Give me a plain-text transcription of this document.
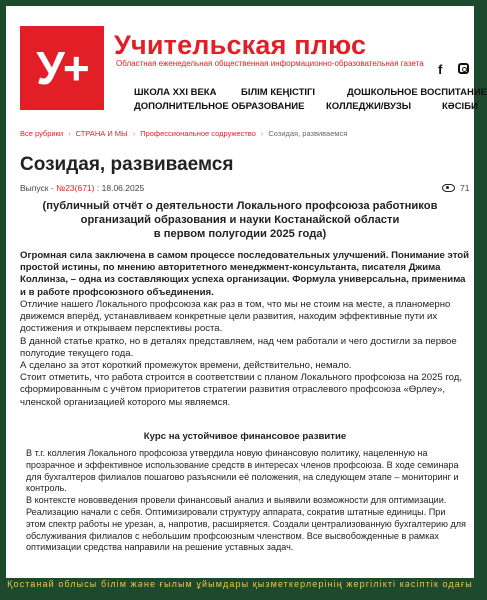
У+ Учительская плюс
Областная еженедельная общественная информационно-образовательная газета f
ШКОЛА XXI ВЕКА	БІЛІМ КЕҢІСТІГІ	ДОШКОЛЬНОЕ ВОСПИТАНИЕ
ДОПОЛНИТЕЛЬНОЕ ОБРАЗОВАНИЕ КОЛЛЕДЖИ/ВУЗЫ	КӘСІБИ
Все рубрики › СТРАНА И МЫ › Профессиональное содружество › Созидая, развиваемся
Созидая, развиваемся
Выпуск - №23(671) : 18.06.2025	71
(публичный отчёт о деятельности Локального профсоюза работников
организаций образования и науки Костанайской области
в первом полугодии 2025 года)
Огромная сила заключена в самом процессе последовательных улучшений. Понимание этой простой истины, по мнению авторитетного менеджмент-консультанта, писателя Джима Коллинза, – одна из составляющих успеха организации. Формула универсальна, применима и в работе профсоюзного объединения.

Отличие нашего Локального профсоюза как раз в том, что мы не стоим на месте, а планомерно движемся вперёд, устанавливаем конкретные цели развития, находим эффективные пути их достижения и открываем перспективы роста.

В данной статье кратко, но в деталях представляем, над чем работали и чего достигли за первое полугодие текущего года.

А сделано за этот короткий промежуток времени, действительно, немало.

Стоит отметить, что работа строится в соответствии с планом Локального профсоюза на 2025 год, сформированным с учётом приоритетов стратегии развития отраслевого профсоюза «Өрлеу», членской организацией которого мы являемся.

Курс на устойчивое финансовое развитие

В т.г. коллегия Локального профсоюза утвердила новую финансовую политику, нацеленную на прозрачное и эффективное использование средств в интересах членов профсоюза. В ходе семинара для бухгалтеров филиалов пошагово разъяснили её положения, на следующем этапе – мониторинг и контроль.

В контексте нововведения провели финансовый анализ и выявили возможности для оптимизации.

Реализацию начали с себя. Оптимизировали структуру аппарата, сократив штатные единицы. При этом спектр работы не урезан, а, напротив, расширяется. Создали централизованную бухгалтерию для обслуживания филиалов с небольшим профсоюзным членством. Все высвобожденные в рамках оптимизации средства направили на решение уставных задач.

Қостанай облысы білім және ғылым ұйымдары қызметкерлерінің жергілікті кәсіптік одағы
